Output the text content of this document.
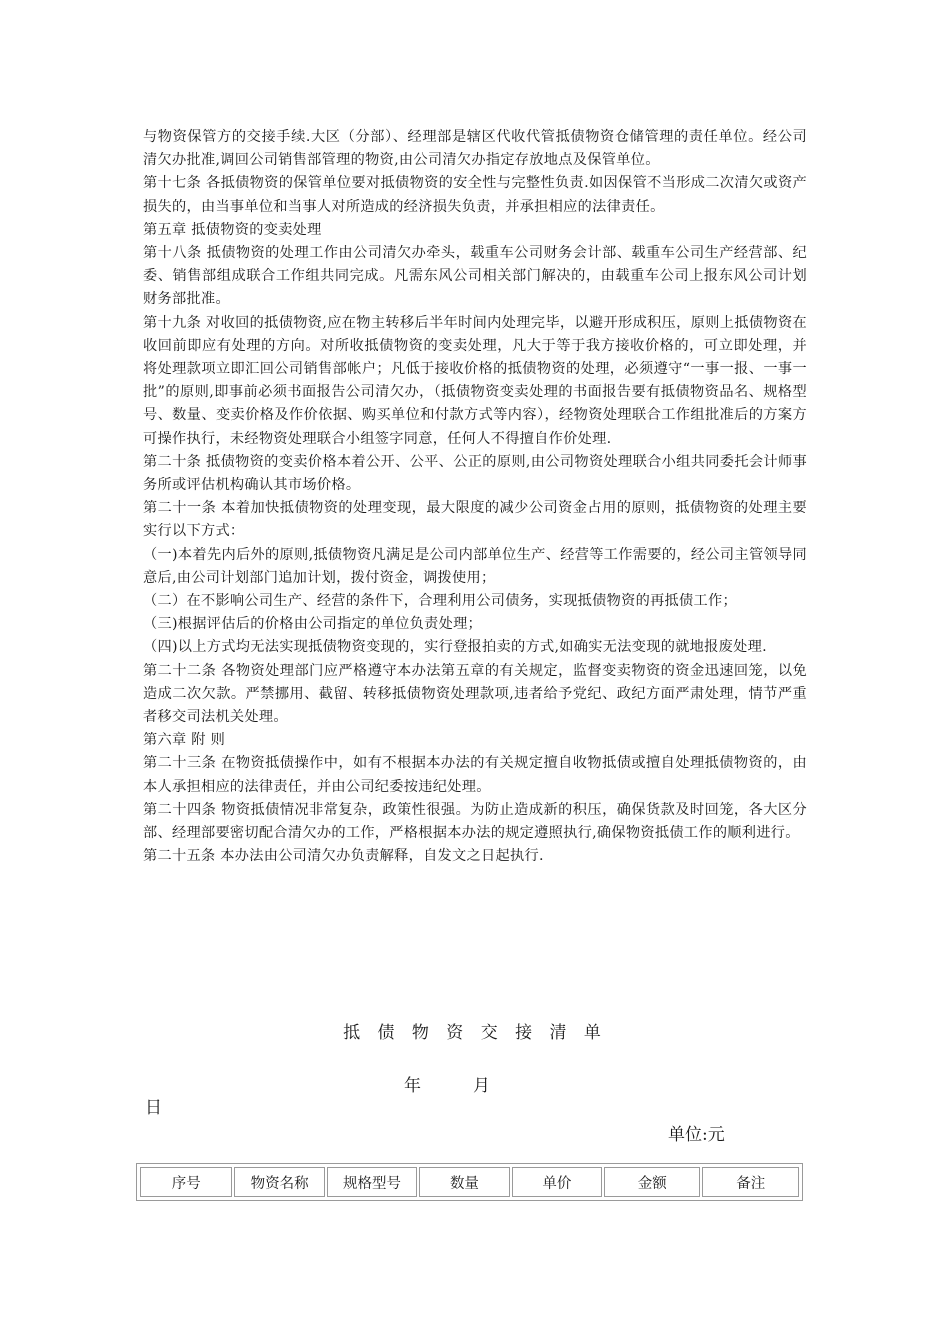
与物资保管方的交接手续.大区（分部）、经理部是辖区代收代管抵债物资仓储管理的责任单位。经公司清欠办批准,调回公司销售部管理的物资,由公司清欠办指定存放地点及保管单位。

第十七条 各抵债物资的保管单位要对抵债物资的安全性与完整性负责.如因保管不当形成二次清欠或资产损失的，由当事单位和当事人对所造成的经济损失负责，并承担相应的法律责任。

第五章 抵债物资的变卖处理

第十八条 抵债物资的处理工作由公司清欠办牵头，载重车公司财务会计部、载重车公司生产经营部、纪委、销售部组成联合工作组共同完成。凡需东风公司相关部门解决的，由载重车公司上报东风公司计划财务部批准。

第十九条 对收回的抵债物资,应在物主转移后半年时间内处理完毕，以避开形成积压，原则上抵债物资在收回前即应有处理的方向。对所收抵债物资的变卖处理，凡大于等于我方接收价格的，可立即处理，并将处理款项立即汇回公司销售部帐户；凡低于接收价格的抵债物资的处理，必须遵守“一事一报、一事一批”的原则,即事前必须书面报告公司清欠办，（抵债物资变卖处理的书面报告要有抵债物资品名、规格型号、数量、变卖价格及作价依据、购买单位和付款方式等内容），经物资处理联合工作组批准后的方案方可操作执行，未经物资处理联合小组签字同意，任何人不得擅自作价处理.

第二十条 抵债物资的变卖价格本着公开、公平、公正的原则,由公司物资处理联合小组共同委托会计师事务所或评估机构确认其市场价格。

第二十一条 本着加快抵债物资的处理变现，最大限度的减少公司资金占用的原则，抵债物资的处理主要实行以下方式：

（一)本着先内后外的原则,抵债物资凡满足是公司内部单位生产、经营等工作需要的，经公司主管领导同意后,由公司计划部门追加计划，拨付资金，调拨使用；

（二）在不影响公司生产、经营的条件下，合理利用公司债务，实现抵债物资的再抵债工作；

（三)根据评估后的价格由公司指定的单位负责处理；

（四)以上方式均无法实现抵债物资变现的，实行登报拍卖的方式,如确实无法变现的就地报废处理.

第二十二条 各物资处理部门应严格遵守本办法第五章的有关规定，监督变卖物资的资金迅速回笼，以免造成二次欠款。严禁挪用、截留、转移抵债物资处理款项,违者给予党纪、政纪方面严肃处理，情节严重者移交司法机关处理。

第六章 附 则

第二十三条 在物资抵债操作中，如有不根据本办法的有关规定擅自收物抵债或擅自处理抵债物资的，由本人承担相应的法律责任，并由公司纪委按违纪处理。

第二十四条 物资抵债情况非常复杂，政策性很强。为防止造成新的积压，确保货款及时回笼，各大区分部、经理部要密切配合清欠办的工作，严格根据本办法的规定遵照执行,确保物资抵债工作的顺利进行。

第二十五条 本办法由公司清欠办负责解释，自发文之日起执行.

抵 债 物 资 交 接 清 单
年	月
日
单位:元
序号	物资名称	规格型号	数量	单价	金额	备注
